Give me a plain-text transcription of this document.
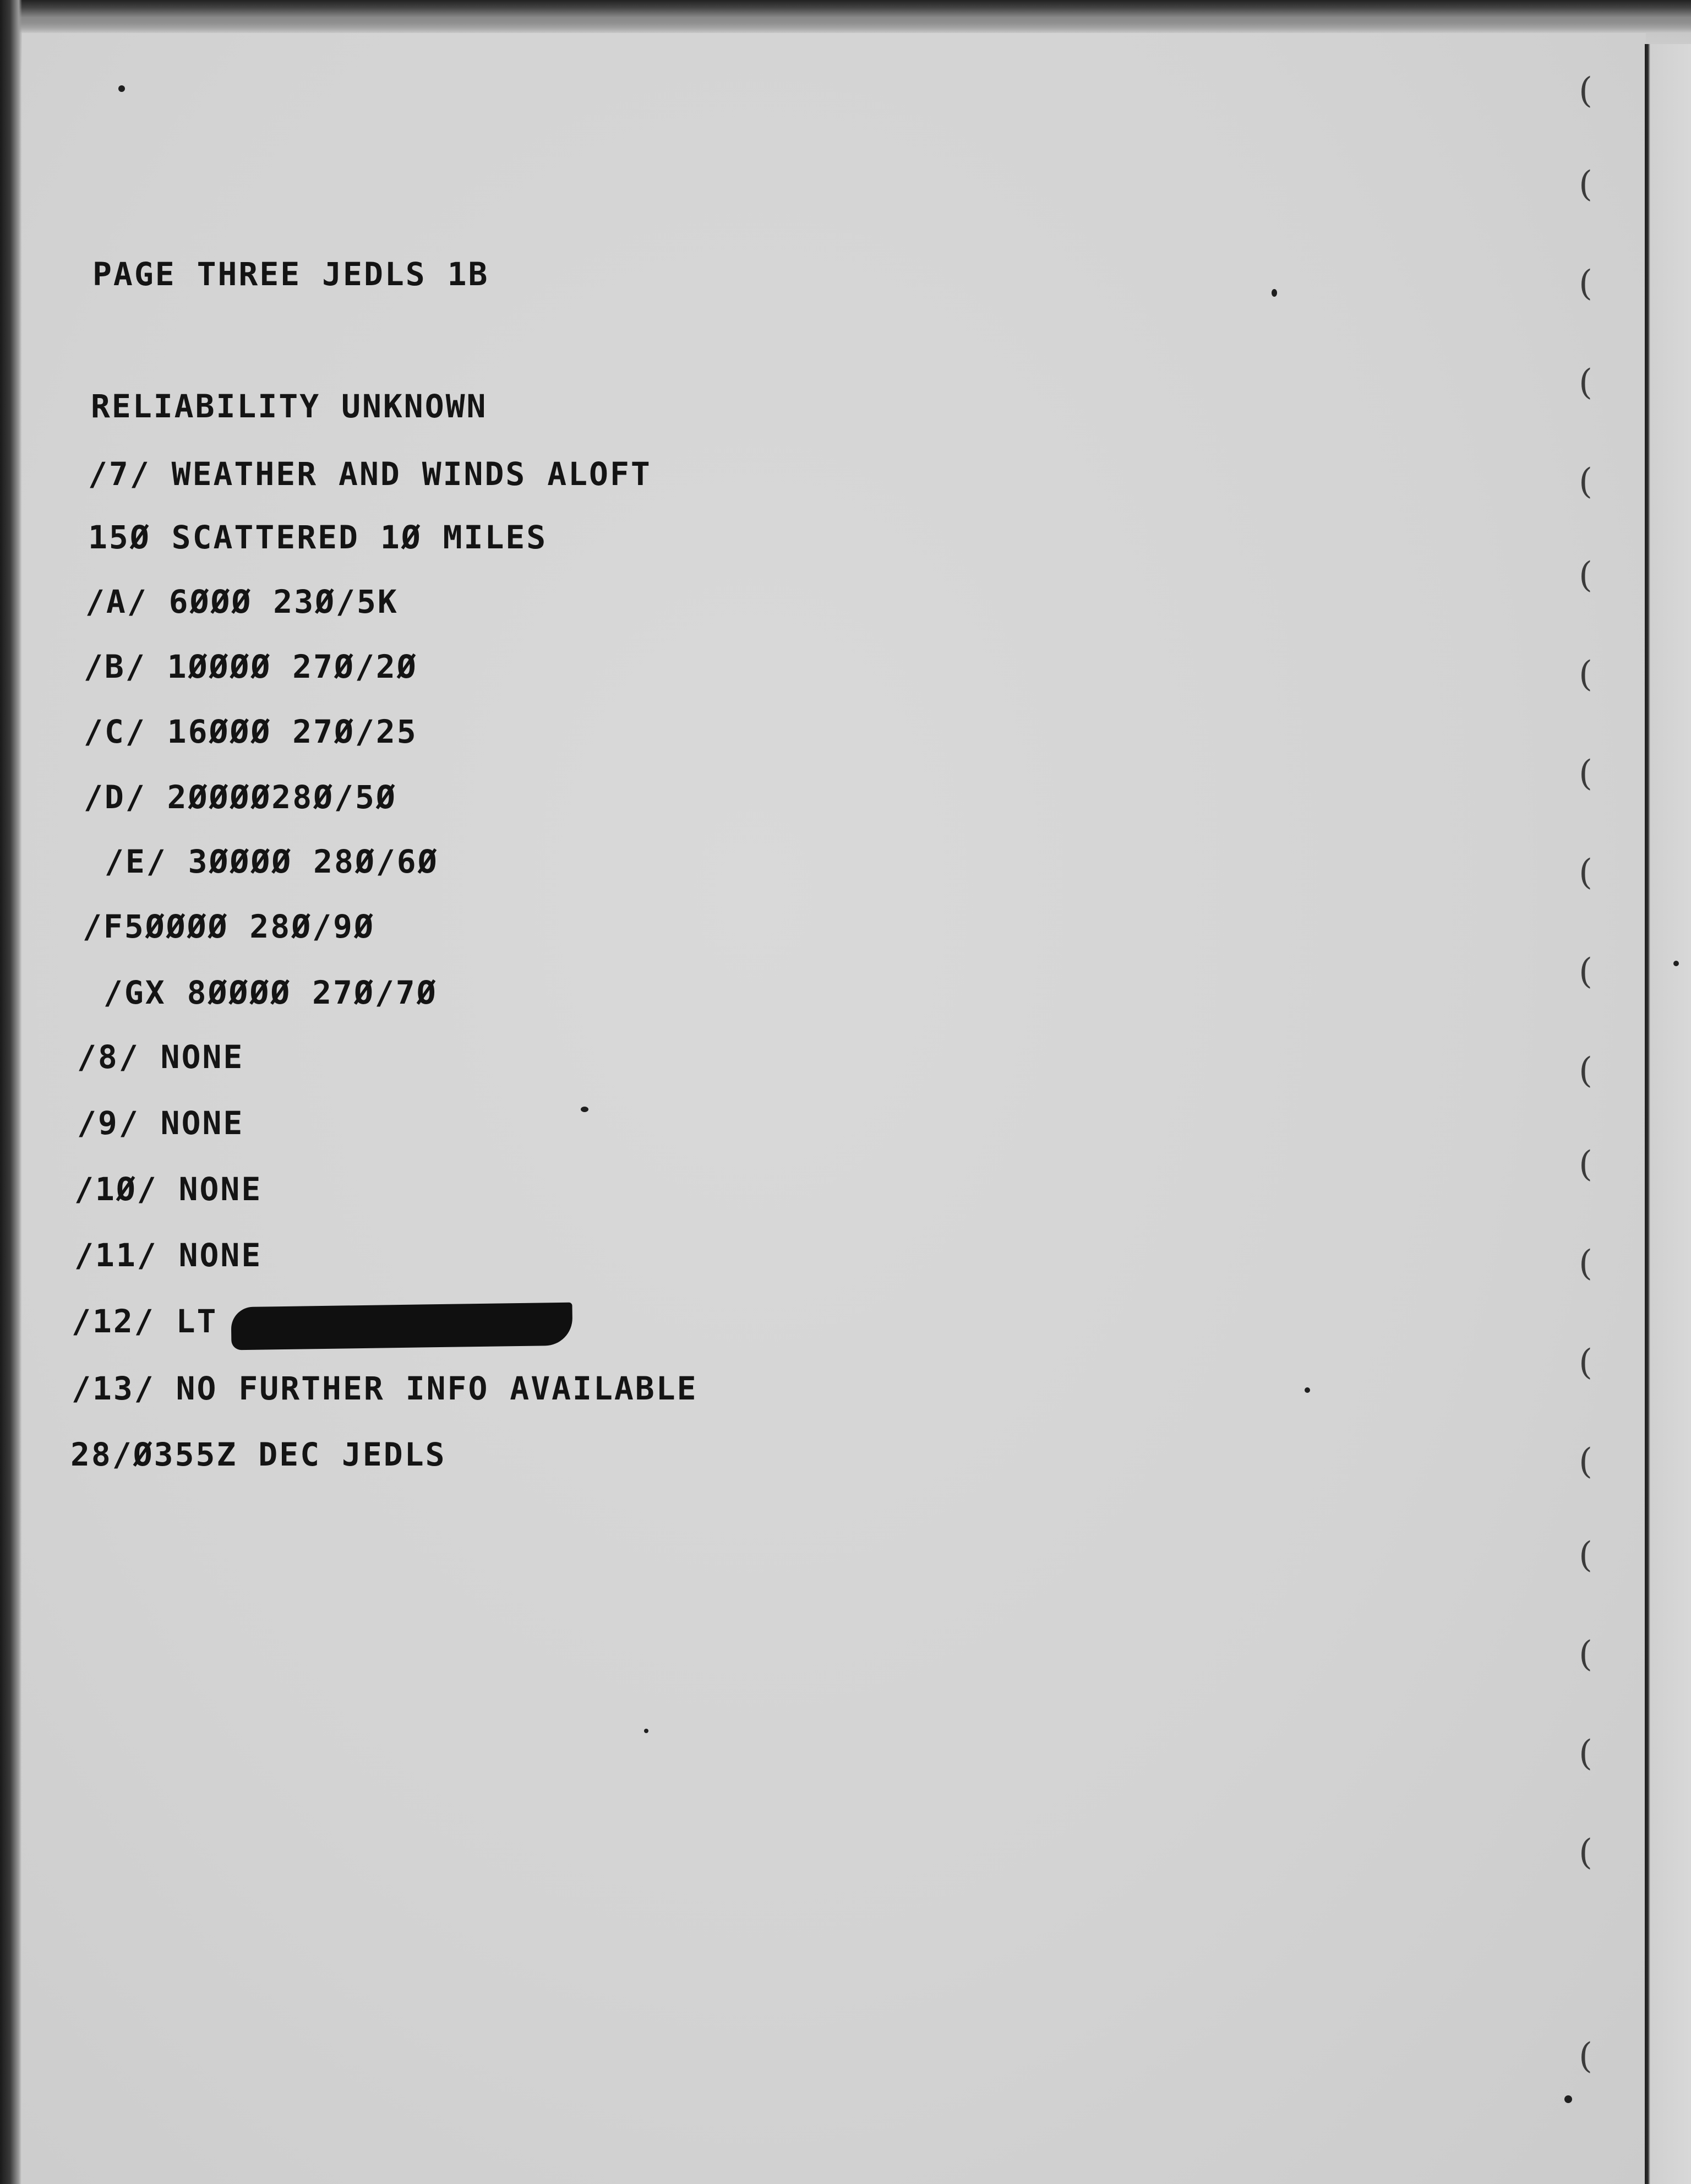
(
(
(
(
(
(
(
(
(
(
(
(
(
(
(
(
(
(
(
(

PAGE THREE JEDLS 1B

RELIABILITY UNKNOWN

/7/ WEATHER AND WINDS ALOFT

15Ø SCATTERED 1Ø MILES

/A/ 6ØØØ 23Ø/5K

/B/ 1ØØØØ 27Ø/2Ø

/C/ 16ØØØ 27Ø/25

/D/ 2ØØØØ28Ø/5Ø

/E/ 3ØØØØ 28Ø/6Ø

/F5ØØØØ 28Ø/9Ø

/GX 8ØØØØ 27Ø/7Ø

/8/ NONE

/9/ NONE

/1Ø/ NONE

/11/ NONE

/12/ LT

/13/ NO FURTHER INFO AVAILABLE

28/Ø355Z DEC JEDLS
